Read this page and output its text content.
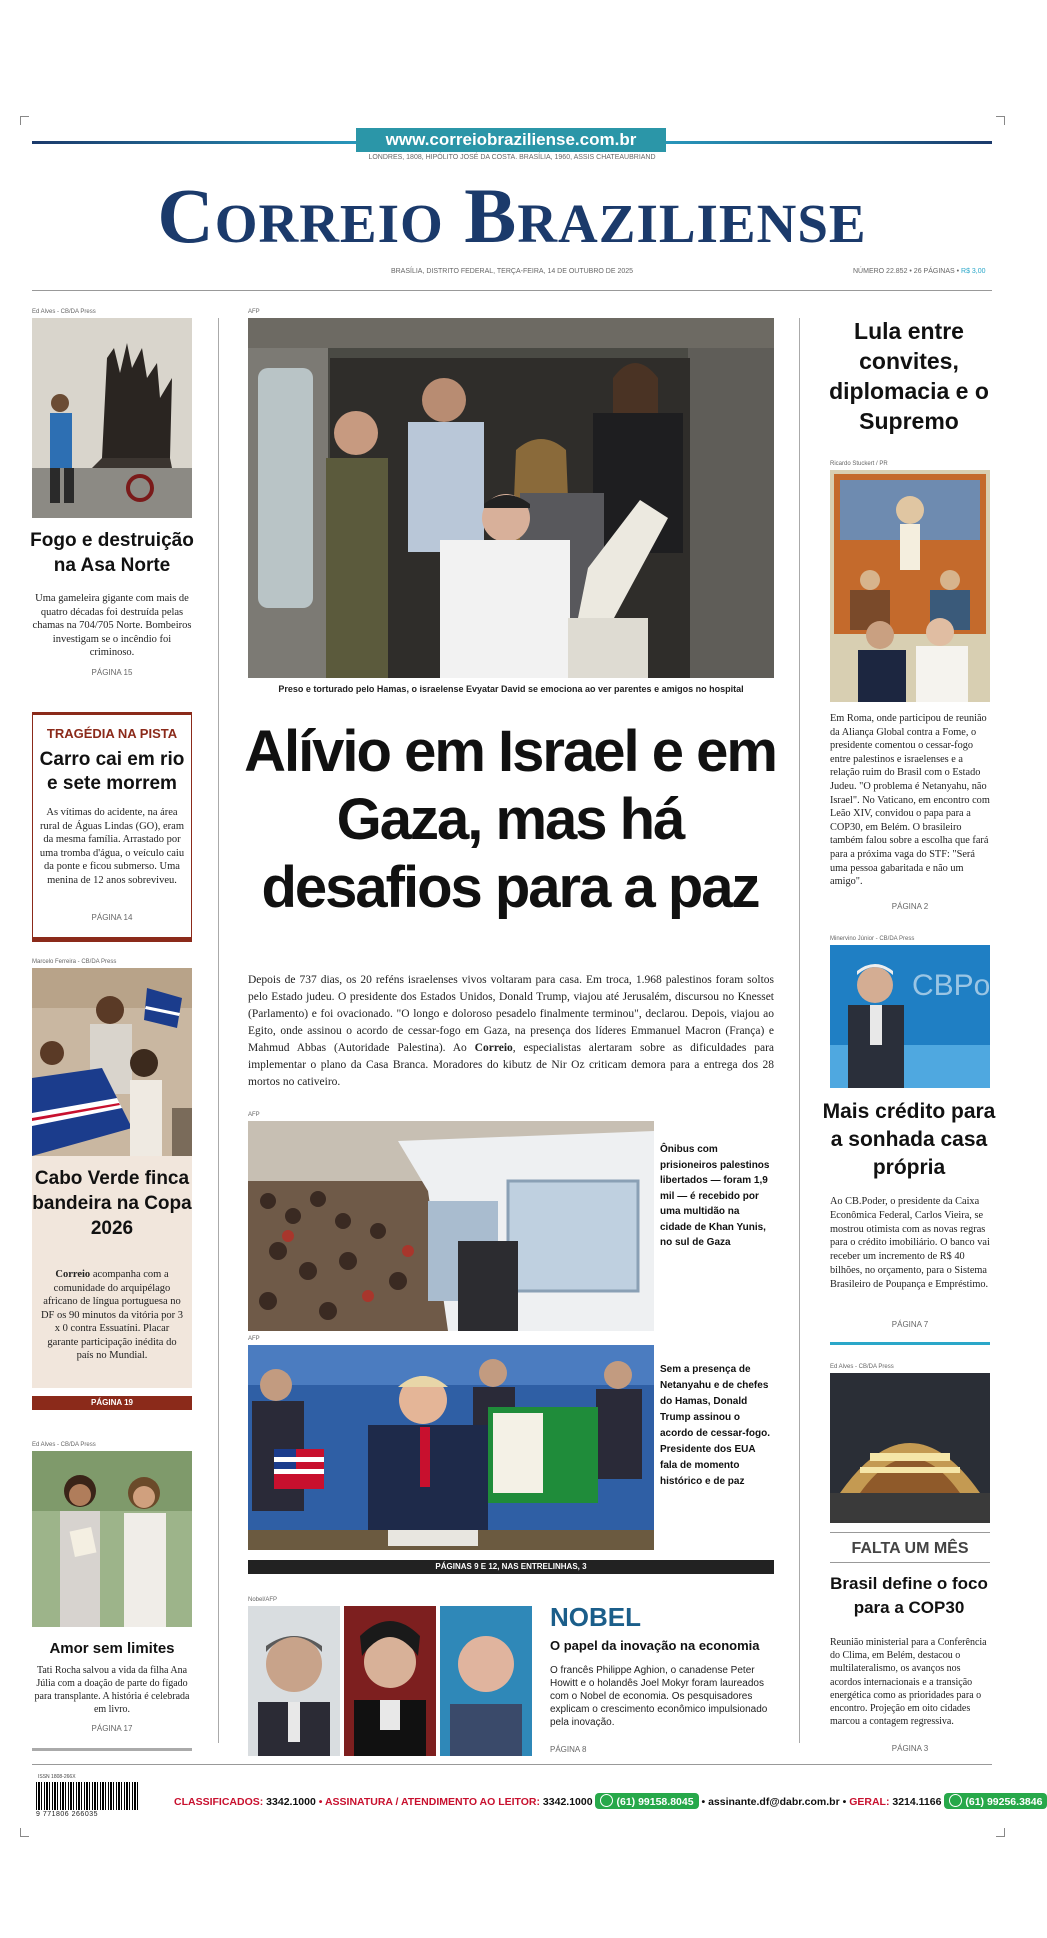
www.correiobraziliense.com.br
LONDRES, 1808, HIPÓLITO JOSÉ DA COSTA. BRASÍLIA, 1960, ASSIS CHATEAUBRIAND
Correio Braziliense
BRASÍLIA, DISTRITO FEDERAL, TERÇA-FEIRA, 14 DE OUTUBRO DE 2025	NÚMERO 22.852 • 26 PÁGINAS • R$ 3,00
Ed Alves - CB/DA Press
Fogo e destruição na Asa Norte
Uma gameleira gigante com mais de quatro décadas foi destruída pelas chamas na 704/705 Norte. Bombeiros investigam se o incêndio foi criminoso.
PÁGINA 15
TRAGÉDIA NA PISTA
Carro cai em rio e sete morrem
As vítimas do acidente, na área rural de Águas Lindas (GO), eram da mesma família. Arrastado por uma tromba d'água, o veículo caiu da ponte e ficou submerso. Uma menina de 12 anos sobreviveu.
PÁGINA 14
Marcelo Ferreira - CB/DA Press
Cabo Verde finca bandeira na Copa 2026
Correio acompanha com a comunidade do arquipélago africano de língua portuguesa no DF os 90 minutos da vitória por 3 x 0 contra Essuatíni. Placar garante participação inédita do país no Mundial.
PÁGINA 19
Ed Alves - CB/DA Press
Amor sem limites
Tati Rocha salvou a vida da filha Ana Júlia com a doação de parte do fígado para transplante. A história é celebrada em livro.
PÁGINA 17
AFP
Preso e torturado pelo Hamas, o israelense Evyatar David se emociona ao ver parentes e amigos no hospital
Alívio em Israel e em Gaza, mas há desafios para a paz
Depois de 737 dias, os 20 reféns israelenses vivos voltaram para casa. Em troca, 1.968 palestinos foram soltos pelo Estado judeu. O presidente dos Estados Unidos, Donald Trump, viajou até Jerusalém, discursou no Knesset (Parlamento) e foi ovacionado. "O longo e doloroso pesadelo finalmente terminou", declarou. Depois, viajou ao Egito, onde assinou o acordo de cessar-fogo em Gaza, na presença dos líderes Emmanuel Macron (França) e Mahmud Abbas (Autoridade Palestina). Ao Correio, especialistas alertaram sobre as dificuldades para implementar o plano da Casa Branca. Moradores do kibutz de Nir Oz criticam demora para a entrega dos 28 mortos no cativeiro.
AFP
Ônibus com prisioneiros palestinos libertados — foram 1,9 mil — é recebido por uma multidão na cidade de Khan Yunis, no sul de Gaza
AFP
Sem a presença de Netanyahu e de chefes do Hamas, Donald Trump assinou o acordo de cessar-fogo. Presidente dos EUA fala de momento histórico e de paz
PÁGINAS 9 E 12, NAS ENTRELINHAS, 3
Nobel/AFP
NOBEL
O papel da inovação na economia
O francês Philippe Aghion, o canadense Peter Howitt e o holandês Joel Mokyr foram laureados com o Nobel de economia. Os pesquisadores explicam o crescimento econômico impulsionado pela inovação.
PÁGINA 8
Lula entre convites, diplomacia e o Supremo
Ricardo Stuckert / PR
Em Roma, onde participou de reunião da Aliança Global contra a Fome, o presidente comentou o cessar-fogo entre palestinos e israelenses e a relação ruim do Brasil com o Estado Judeu. "O problema é Netanyahu, não Israel". No Vaticano, em encontro com Leão XIV, convidou o papa para a COP30, em Belém. O brasileiro também falou sobre a escolha que fará para a próxima vaga do STF: "Será uma pessoa gabaritada e não um amigo".
PÁGINA 2
Minervino Júnior - CB/DA Press
CBPoder
Mais crédito para a sonhada casa própria
Ao CB.Poder, o presidente da Caixa Econômica Federal, Carlos Vieira, se mostrou otimista com as novas regras para o crédito imobiliário. O banco vai receber um incremento de R$ 40 bilhões, no orçamento, para o Sistema Brasileiro de Poupança e Empréstimo.
PÁGINA 7
Ed Alves - CB/DA Press
FALTA UM MÊS
Brasil define o foco para a COP30
Reunião ministerial para a Conferência do Clima, em Belém, destacou o multilateralismo, os avanços nos acordos internacionais e a transição energética como as prioridades para o encontro. Projeção em oito cidades marcou a contagem regressiva.
PÁGINA 3
ISSN 1808-266X
9 771806 266035
CLASSIFICADOS: 3342.1000 • ASSINATURA / ATENDIMENTO AO LEITOR: 3342.1000 (61) 99158.8045 • assinante.df@dabr.com.br • GERAL: 3214.1166 (61) 99256.3846
